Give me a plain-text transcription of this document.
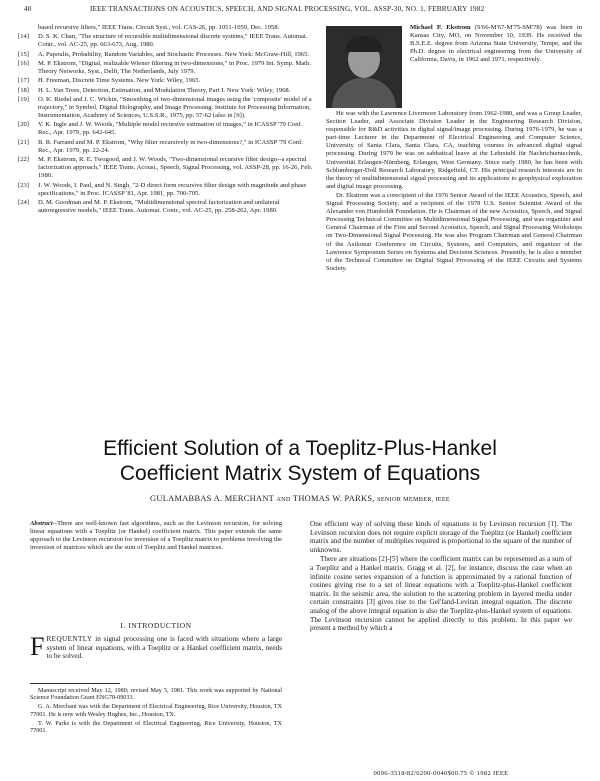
40	IEEE TRANSACTIONS ON ACOUSTICS, SPEECH, AND SIGNAL PROCESSING, VOL. ASSP-30, NO. 1, FEBRUARY 1982
based recursive filters," IEEE Trans. Circuit Syst., vol. CAS-26, pp. 1051-1059, Dec. 1958.
[14]	D. S. K. Chan, "The structure of recursible multidimensional discrete systems," IEEE Trans. Automat. Contr., vol. AC-25, pp. 663-673, Aug. 1980.
[15]	A. Papoulis, Probability, Random Variables, and Stochastic Processes. New York: McGraw-Hill, 1965.
[16]	M. P. Ekstrom, "Digital, realizable Wiener filtering in two-dimensions," in Proc. 1979 Int. Symp. Math. Theory Networks, Syst., Delft, The Netherlands, July 1979.
[17]	H. Freeman, Discrete Time Systems. New York: Wiley, 1965.
[18]	H. L. Van Trees, Detection, Estimation, and Modulation Theory, Part I. New York: Wiley, 1968.
[19]	O. K. Riedel and J. C. Wickin, "Smoothing of two-dimensional images using the 'composite' model of a trajectory," in Symbol, Digital Holography, and Image Processing. Institute for Processing Information, Instrumentation, Academy of Sciences, U.S.S.R., 1975, pp. 57-62 (also in [9]).
[20]	V. K. Ingle and J. W. Woods, "Multiple model recursive estimation of images," in ICASSP '79 Conf. Rec., Apr. 1979, pp. 642-645.
[21]	B. R. Farrand and M. P. Ekstrom, "Why filter recursively in two-dimensions?," in ICASSP '79 Conf. Rec., Apr. 1979, pp. 22-24.
[22]	M. P. Ekstrom, R. E. Twogood, and J. W. Woods, "Two-dimensional recursive filter design--a spectral factorization approach," IEEE Trans. Acoust., Speech, Signal Processing, vol. ASSP-28, pp. 16-26, Feb. 1980.
[23]	J. W. Woods, I. Paul, and N. Singh, "2-D direct form recursive filter design with magnitude and phase specifications," in Proc. ICASSP '81, Apr. 1981, pp. 700-705.
[24]	D. M. Goodman and M. P. Ekstrom, "Multidimensional spectral factorization and unilateral autoregressive models," IEEE Trans. Automat. Contr., vol. AC-25, pp. 258-262, Apr. 1980.
Michael P. Ekstrom (S'66-M'67-M'75-SM'78) was born in Kansas City, MO, on November 10, 1939. He received the B.S.E.E. degree from Arizona State University, Tempe, and the Ph.D. degree in electrical engineering from the University of California, Davis, in 1962 and 1971, respectively.

He was with the Lawrence Livermore Laboratory from 1962-1980, and was a Group Leader, Section Leader, and Associate Division Leader in the Engineering Research Division, responsible for R&D activities in digital signal/image processing. During 1976-1979, he was a part-time Lecturer in the Department of Electrical Engineering and Computer Science, University of Santa Clara, Santa Clara, CA, teaching courses in advanced digital signal processing. During 1979 he was on sabbatical leave at the Lehrstuhl für Nachrichtentechnik, Universität Erlangen-Nürnberg, Erlangen, West Germany. Since early 1980, he has been with Schlumberger-Doll Research Laboratory, Ridgefield, CT. His principal research interests are in the theory of multidimensional signal processing and its applications to geophysical exploration and digital image processing.

Dr. Ekstrom was a corecipient of the 1976 Senior Award of the IEEE Acoustics, Speech, and Signal Processing Society, and a recipient of the 1978 U.S. Senior Scientist Award of the Alexander von Humboldt Foundation. He is Chairman of the new Acoustics, Speech, and Signal Processing Technical Committee on Multidimensional Signal Processing, and was organizer and General Chairman of the First and Second Acoustics, Speech, and Signal Processing Workshops on Two-Dimensional Signal Processing. He was also Program Chairman and General Chairman of the Asilomar Conference on Circuits, Systems, and Computers, and organizer of the Lawrence Symposium Series on Systems and Decision Sciences. Presently, he is also a member of the Technical Committee on Digital Signal Processing of the IEEE Circuits and Systems Society.

Efficient Solution of a Toeplitz-Plus-Hankel
Coefficient Matrix System of Equations
GULAMABBAS A. MERCHANT AND THOMAS W. PARKS, SENIOR MEMBER, IEEE
Abstract--There are well-known fast algorithms, such as the Levinson recursion, for solving linear equations with a Toeplitz (or Hankel) coefficient matrix. This paper extends the same approach to the Levinson recursion for inversion of a Toeplitz matrix to problems involving the inversion of matrices which are the sum of Toeplitz and Hankel matrices.
I. INTRODUCTION
FREQUENTLY in signal processing one is faced with situations where a large system of linear equations, with a Toeplitz or a Hankel coefficient matrix, needs to be solved.

Manuscript received May 12, 1980; revised May 5, 1981. This work was supported by National Science Foundation Grant ENG78-09033.

G. A. Merchant was with the Department of Electrical Engineering, Rice University, Houston, TX 77001. He is now with Wesley Hughes, Inc., Houston, TX.

T. W. Parks is with the Department of Electrical Engineering, Rice University, Houston, TX 77001.

One efficient way of solving these kinds of equations is by Levinson recursion [1]. The Levinson recursion does not require explicit storage of the Toeplitz (or Hankel) coefficient matrix and the number of multiplies required is proportional to the square of the number of unknowns.

There are situations [2]-[5] where the coefficient matrix can be represented as a sum of a Toeplitz and a Hankel matrix. Gragg et al. [2], for instance, discuss the case when an infinite cosine series expansion of a function is approximated by a rational function of cosines giving rise to a set of linear equations with a Toeplitz-plus-Hankel coefficient matrix. In the seismic area, the solution to the scattering problem in layered media under certain constraints [3] gives rise to the Gel'fand-Levitan integral equation. The discrete analog of the above integral equation is also the Toeplitz-plus-Hankel system of equations. The Levinson recursion cannot be applied directly to this problem. In this paper we present a method by which a

0096-3518/82/0200-0040$00.75 © 1982 IEEE
